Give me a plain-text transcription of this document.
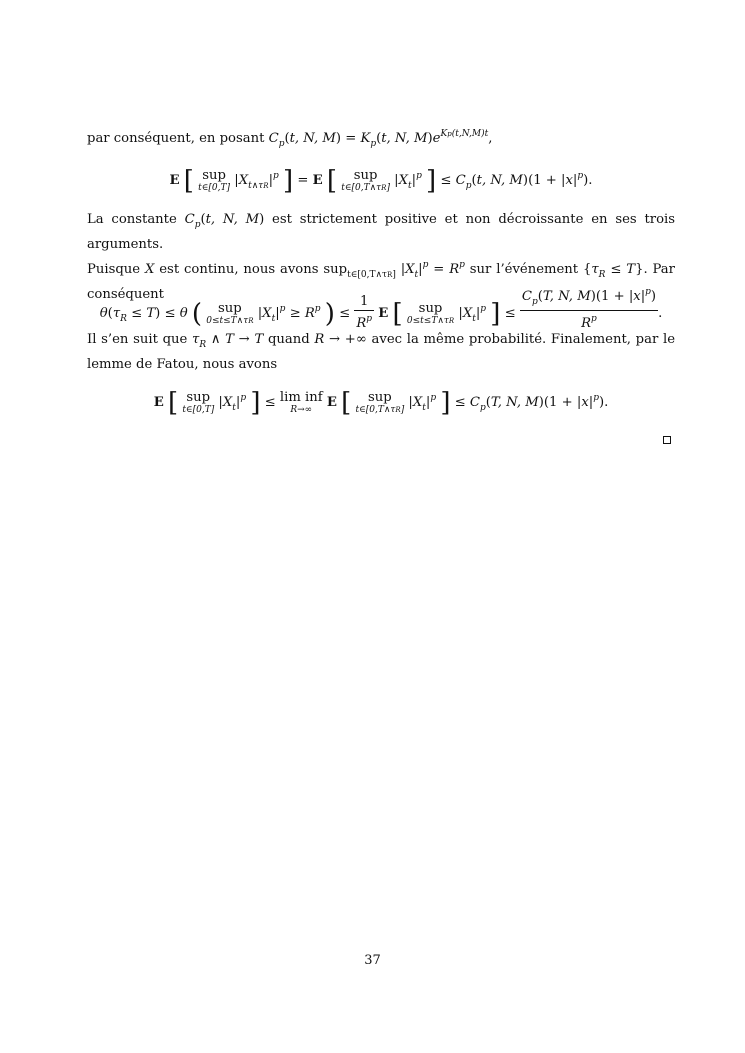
par conséquent, en posant $C_p(t$, N, $M) = K_p(t$, N, $M)e^{Kp(t,N,M)t}$,
E [ sup
t∈[0,T] $|X_{t\wedge\tau R}|^p$ ] = E [ sup
t∈[0,T∧τR] $|X_t|^p$ ] ≤ $C_p(t$, N, $M)(1 + |x|^p)$.
La constante $C_p(t$, N, M) est strictement positive et non décroissante en ses trois arguments.
Puisque X est continu, nous avons sup$_{t\in[0,T\wedge\tau R]}$ $|X_t|^p = R^p$ sur l’événement $\{\tau_R \le T\}$. Par
conséquent
$\theta(\tau_R \le T) \le \theta$ ( sup
0≤t≤T∧τR $|X_t|^p \ge R^p$ ) ≤ $\frac{1}{R^p}$ E [ sup
0≤t≤T∧τR $|X_t|^p$ ] ≤ $\frac{C_p(T, N, M)(1 + |x|^p)}{R^p}$ .
Il s’en suit que $\tau_R$ ∧ T → T quand R → +∞ avec la même probabilité. Finalement, par le
lemme de Fatou, nous avons
E [ sup
t∈[0,T] $|X_t|^p$ ] ≤ lim inf
R→∞	E [ sup
t∈[0,T∧τR] $|X_t|^p$ ] ≤ $C_p(T$, N, $M)(1 + |x|^p)$.
37
